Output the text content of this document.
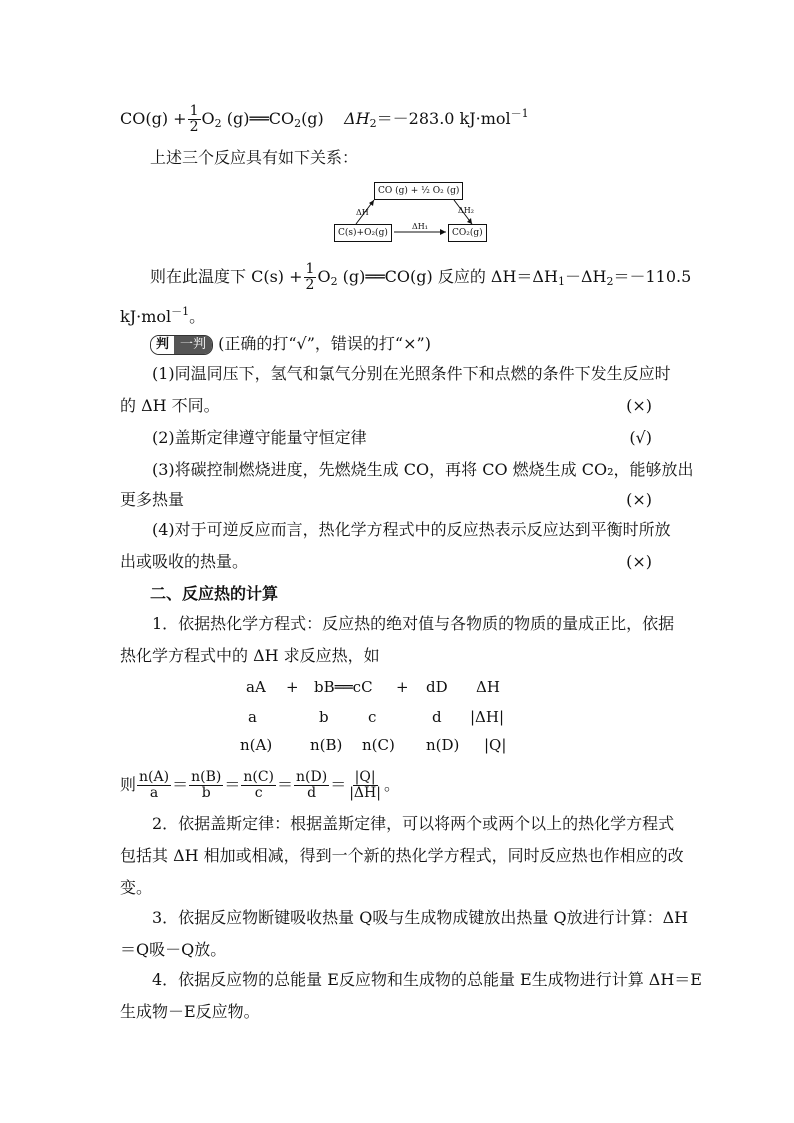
$CO(g) + \frac{1}{2} O_2$ $(g)══CO_2(g)$ $\Delta H_2=-283.0$ kJ·mol$^{-1}$
上述三个反应具有如下关系：
CO (g) + ½ O₂ (g)
C(s)+O₂(g)	CO₂(g)
ΔH
ΔH₁
ΔH₂
则在此温度下 $C(s) + \frac{1}{2} O_2$ (g)══CO(g) 反应的 $\Delta H=\Delta H_1-\Delta H_2=-110.5$
kJ·mol$^{-1}$。
判 一判 (正确的打“√”，错误的打“×”)
(1)同温同压下，氢气和氯气分别在光照条件下和点燃的条件下发生反应时
的 ΔH 不同。	(×)
(2)盖斯定律遵守能量守恒定律	(√)
(3)将碳控制燃烧进度，先燃烧生成 CO，再将 CO 燃烧生成 CO₂，能够放出
更多热量	(×)
(4)对于可逆反应而言，热化学方程式中的反应热表示反应达到平衡时所放
出或吸收的热量。	(×)
二、反应热的计算
1．依据热化学方程式：反应热的绝对值与各物质的物质的量成正比，依据
热化学方程式中的 ΔH 求反应热，如
aA + bB══cC + dD ΔH
a	b	c	d |ΔH|
n(A)	n(B) n(C) n(D) |Q|
则 $\frac{n(A)}{a} = \frac{n(B)}{b} = \frac{n(C)}{c} = \frac{n(D)}{d} = \frac{|Q|}{|\Delta H|}$ 。
2．依据盖斯定律：根据盖斯定律，可以将两个或两个以上的热化学方程式
包括其 ΔH 相加或相减，得到一个新的热化学方程式，同时反应热也作相应的改
变。
3．依据反应物断键吸收热量 Q吸与生成物成键放出热量 Q放进行计算：ΔH
＝Q吸－Q放。
4．依据反应物的总能量 E反应物和生成物的总能量 E生成物进行计算 ΔH＝E
生成物－E反应物。
